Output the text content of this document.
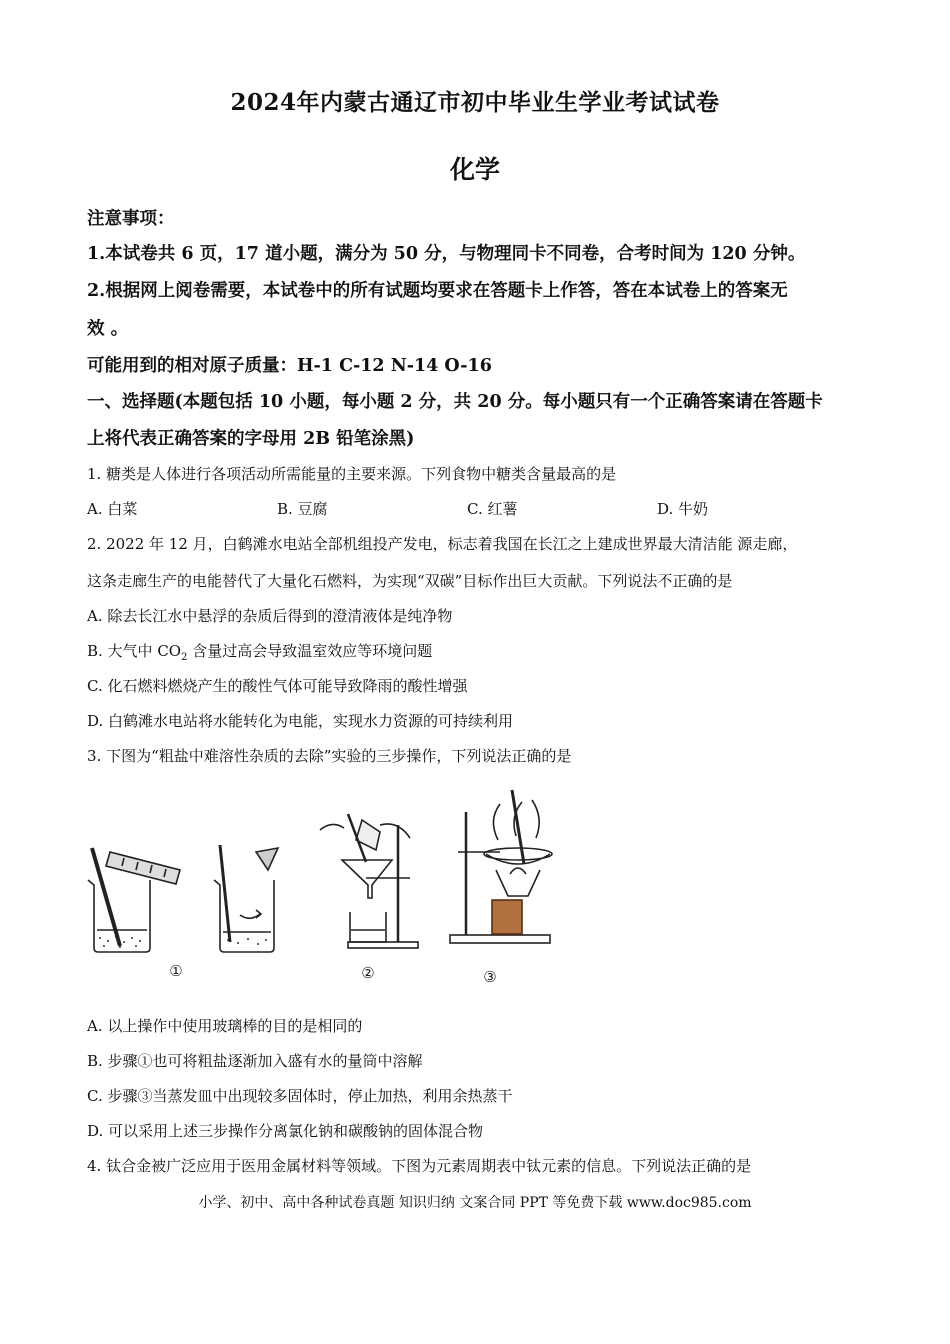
2024年内蒙古通辽市初中毕业生学业考试试卷
化学
注意事项：
1.本试卷共 6 页，17 道小题，满分为 50 分，与物理同卡不同卷，合考时间为 120 分钟。
2.根据网上阅卷需要，本试卷中的所有试题均要求在答题卡上作答，答在本试卷上的答案无
效 。
可能用到的相对原子质量：H-1 C-12 N-14 O-16
一、选择题(本题包括 10 小题，每小题 2 分，共 20 分。每小题只有一个正确答案请在答题卡
上将代表正确答案的字母用 2B 铅笔涂黑)
1. 糖类是人体进行各项活动所需能量的主要来源。下列食物中糖类含量最高的是
A. 白菜	B. 豆腐	C. 红薯	D. 牛奶
2. 2022 年 12 月，白鹤滩水电站全部机组投产发电，标志着我国在长江之上建成世界最大清洁能 源走廊，
这条走廊生产的电能替代了大量化石燃料，为实现“双碳”目标作出巨大贡献。下列说法不正确的是
A. 除去长江水中悬浮的杂质后得到的澄清液体是纯净物
B. 大气中 $CO_2$ 含量过高会导致温室效应等环境问题
C. 化石燃料燃烧产生的酸性气体可能导致降雨的酸性增强
D. 白鹤滩水电站将水能转化为电能，实现水力资源的可持续利用
3. 下图为“粗盐中难溶性杂质的去除”实验的三步操作，下列说法正确的是
①	②	③
A. 以上操作中使用玻璃棒的目的是相同的
B. 步骤①也可将粗盐逐渐加入盛有水的量筒中溶解
C. 步骤③当蒸发皿中出现较多固体时，停止加热，利用余热蒸干
D. 可以采用上述三步操作分离氯化钠和碳酸钠的固体混合物
4. 钛合金被广泛应用于医用金属材料等领域。下图为元素周期表中钛元素的信息。下列说法正确的是
小学、初中、高中各种试卷真题 知识归纳 文案合同 PPT 等免费下载 www.doc985.com
